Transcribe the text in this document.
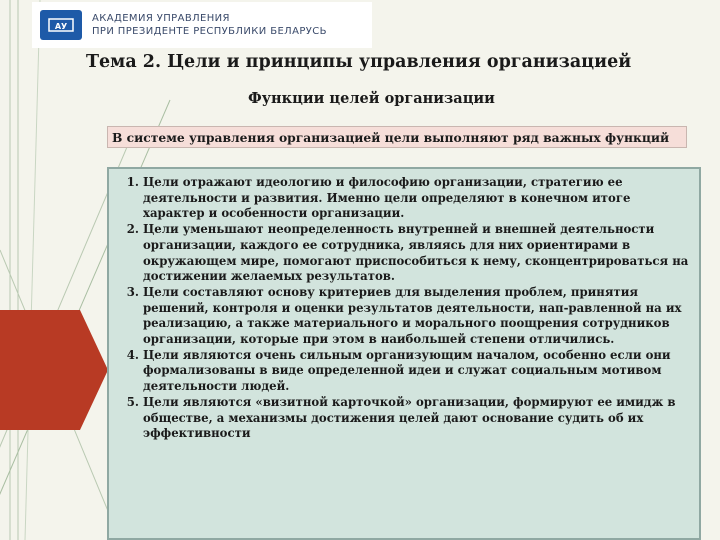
АУ
АКАДЕМИЯ УПРАВЛЕНИЯ
ПРИ ПРЕЗИДЕНТЕ РЕСПУБЛИКИ БЕЛАРУСЬ
Тема 2. Цели и принципы управления организацией
Функции целей организации
В системе управления организацией цели выполняют ряд важных функций
1. Цели отражают идеологию и философию организации, стратегию ее деятельности и развития. Именно цели определяют в конечном итоге характер и особенности организации.
2. Цели уменьшают неопределенность внутренней и внешней деятельности организации, каждого ее сотрудника, являясь для них ориентирами в окружающем мире, помогают приспособиться к нему, сконцентрироваться на достижении желаемых результатов.
3. Цели составляют основу критериев для выделения проблем, принятия решений, контроля и оценки результатов деятельности, нап-равленной на их реализацию, а также материального и морального поощрения сотрудников организации, которые при этом в наибольшей степени отличились.
4. Цели являются очень сильным организующим началом, особенно если они формализованы в виде определенной идеи и служат социальным мотивом деятельности людей.
5. Цели являются «визитной карточкой» организации, формируют ее имидж в обществе, а механизмы достижения целей дают основание судить об их эффективности
